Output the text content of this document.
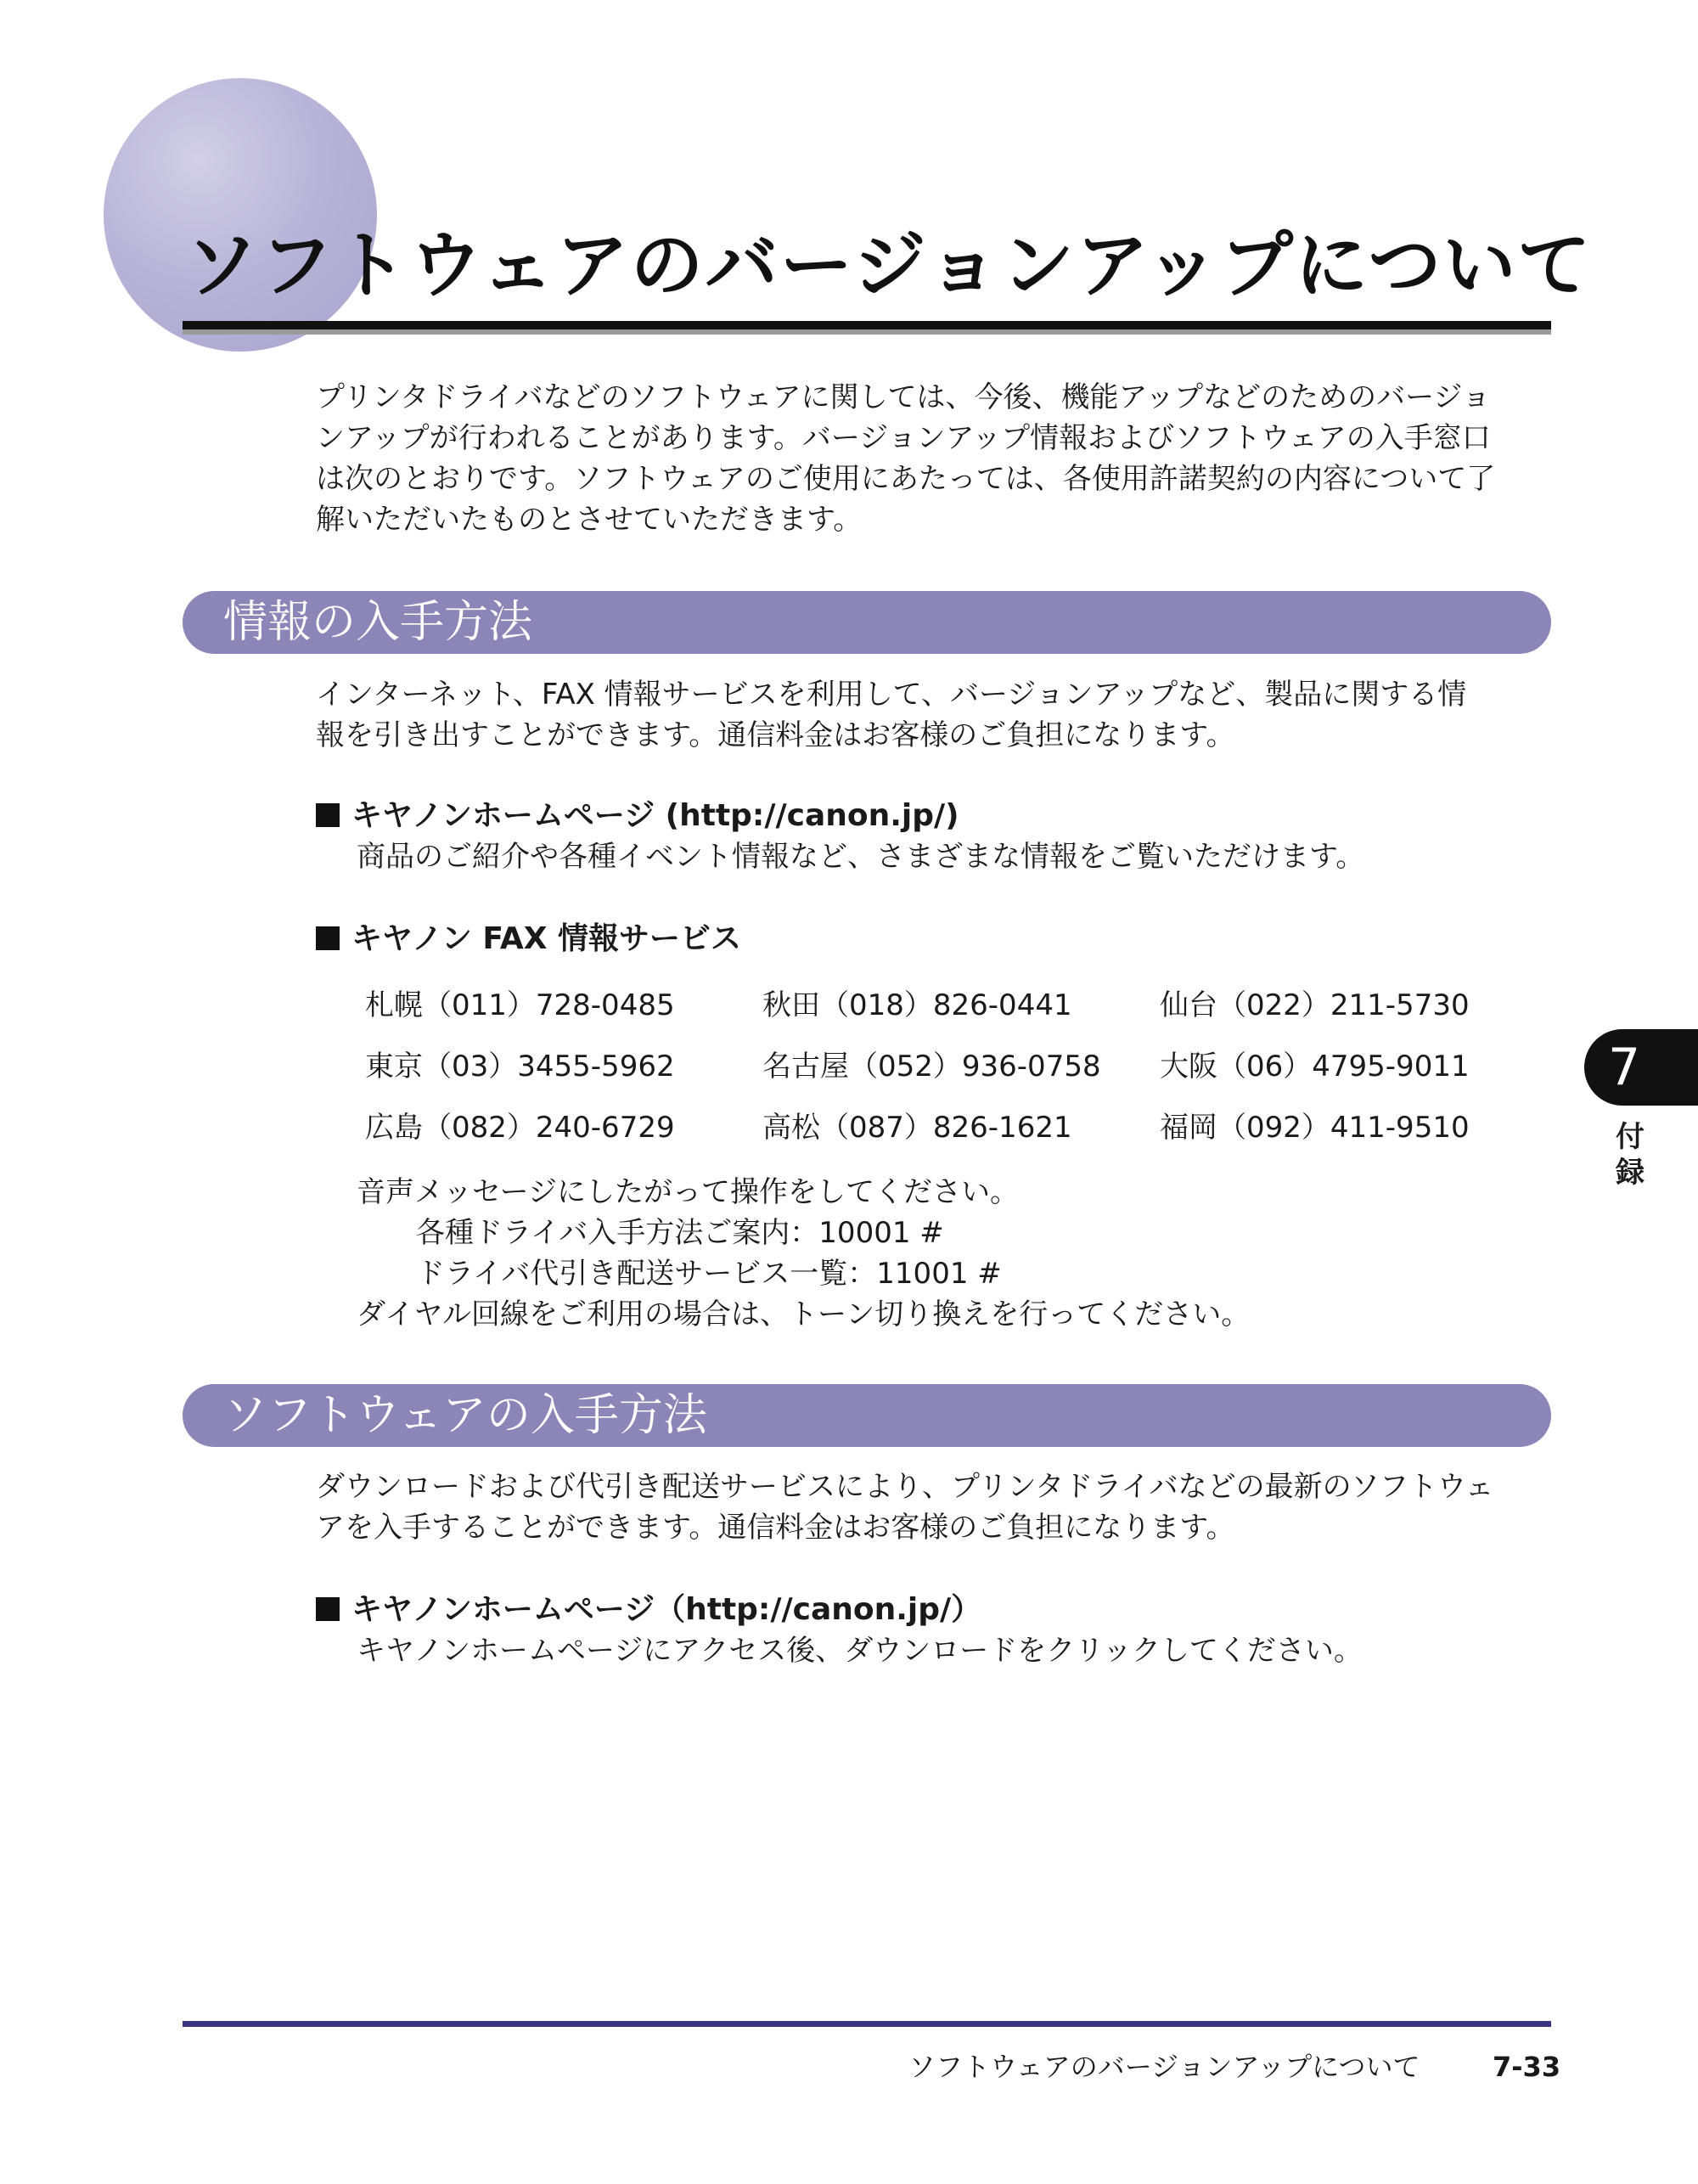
ソフトウェアのバージョンアップについて
プリンタドライバなどのソフトウェアに関しては、今後、機能アップなどのためのバージョ
ンアップが行われることがあります。バージョンアップ情報およびソフトウェアの入手窓口
は次のとおりです。ソフトウェアのご使用にあたっては、各使用許諾契約の内容について了
解いただいたものとさせていただきます。
情報の入手方法
インターネット、FAX 情報サービスを利用して、バージョンアップなど、製品に関する情
報を引き出すことができます。通信料金はお客様のご負担になります。
キヤノンホームページ (http://canon.jp/)
商品のご紹介や各種イベント情報など、さまざまな情報をご覧いただけます。
キヤノン FAX 情報サービス
札幌（011）728-0485	秋田（018）826-0441	仙台（022）211-5730
東京（03）3455-5962	名古屋（052）936-0758	大阪（06）4795-9011
広島（082）240-6729	高松（087）826-1621	福岡（092）411-9510
音声メッセージにしたがって操作をしてください。
各種ドライバ入手方法ご案内：10001 #
ドライバ代引き配送サービス一覧：11001 #
ダイヤル回線をご利用の場合は、トーン切り換えを行ってください。
ソフトウェアの入手方法
ダウンロードおよび代引き配送サービスにより、プリンタドライバなどの最新のソフトウェ
アを入手することができます。通信料金はお客様のご負担になります。
キヤノンホームページ（http://canon.jp/）
キヤノンホームページにアクセス後、ダウンロードをクリックしてください。
7
付録
ソフトウェアのバージョンアップについて	7-33
